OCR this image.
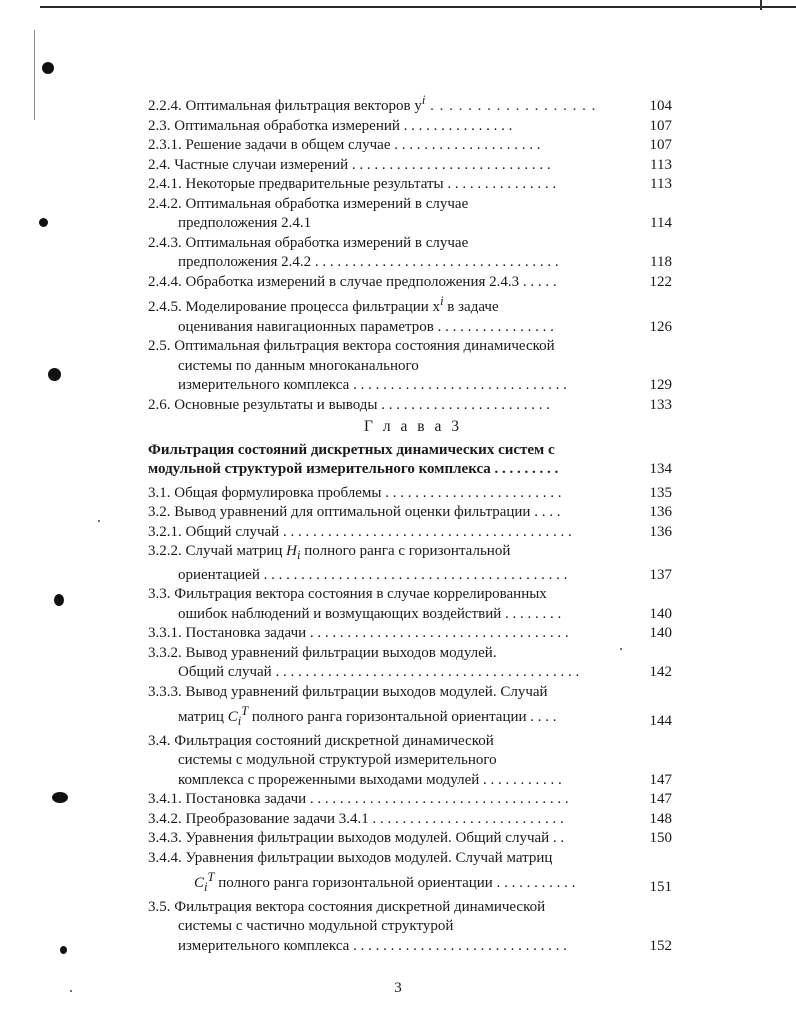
2.2.4. Оптимальная фильтрация векторов $y^i$ . . . . . . . . . . . . . . . . . .	104
2.3. Оптимальная обработка измерений . . . . . . . . . . . . . . .	107
2.3.1. Решение задачи в общем случае . . . . . . . . . . . . . . . . . . . .	107
2.4. Частные случаи измерений . . . . . . . . . . . . . . . . . . . . . . . . . . .	113
2.4.1. Некоторые предварительные результаты . . . . . . . . . . . . . . .	113
2.4.2. Оптимальная обработка измерений в случае
предположения 2.4.1	114
2.4.3. Оптимальная обработка измерений в случае
предположения 2.4.2 . . . . . . . . . . . . . . . . . . . . . . . . . . . . . . . . .	118
2.4.4. Обработка измерений в случае предположения 2.4.3 . . . . .	122
2.4.5. Моделирование процесса фильтрации $x^i$ в задаче
оценивания навигационных параметров . . . . . . . . . . . . . . . .	126
2.5. Оптимальная фильтрация вектора состояния динамической
системы по данным многоканального
измерительного комплекса . . . . . . . . . . . . . . . . . . . . . . . . . . . . .	129
2.6. Основные результаты и выводы . . . . . . . . . . . . . . . . . . . . . . .	133
Г л а в а 3
Фильтрация состояний дискретных динамических систем с
модульной структурой измерительного комплекса . . . . . . . . .	134
3.1. Общая формулировка проблемы . . . . . . . . . . . . . . . . . . . . . . . .	135
3.2. Вывод уравнений для оптимальной оценки фильтрации . . . .	136
3.2.1. Общий случай . . . . . . . . . . . . . . . . . . . . . . . . . . . . . . . . . . . . . . .	136
3.2.2. Случай матриц $H_i$ полного ранга с горизонтальной
ориентацией . . . . . . . . . . . . . . . . . . . . . . . . . . . . . . . . . . . . . . . . .	137
3.3. Фильтрация вектора состояния в случае коррелированных
ошибок наблюдений и возмущающих воздействий . . . . . . . .	140
3.3.1. Постановка задачи . . . . . . . . . . . . . . . . . . . . . . . . . . . . . . . . . . .	140
3.3.2. Вывод уравнений фильтрации выходов модулей.
Общий случай . . . . . . . . . . . . . . . . . . . . . . . . . . . . . . . . . . . . . . . . .	142
3.3.3. Вывод уравнений фильтрации выходов модулей. Случай
матриц $C_i^T$ полного ранга горизонтальной ориентации . . . .	144
3.4. Фильтрация состояний дискретной динамической
системы с модульной структурой измерительного
комплекса с прореженными выходами модулей . . . . . . . . . . .	147
3.4.1. Постановка задачи . . . . . . . . . . . . . . . . . . . . . . . . . . . . . . . . . . .	147
3.4.2. Преобразование задачи 3.4.1 . . . . . . . . . . . . . . . . . . . . . . . . . .	148
3.4.3. Уравнения фильтрации выходов модулей. Общий случай . .	150
3.4.4. Уравнения фильтрации выходов модулей. Случай матриц
$C_i^T$ полного ранга горизонтальной ориентации . . . . . . . . . . .	151
3.5. Фильтрация вектора состояния дискретной динамической
системы с частично модульной структурой
измерительного комплекса . . . . . . . . . . . . . . . . . . . . . . . . . . . . .	152
3
